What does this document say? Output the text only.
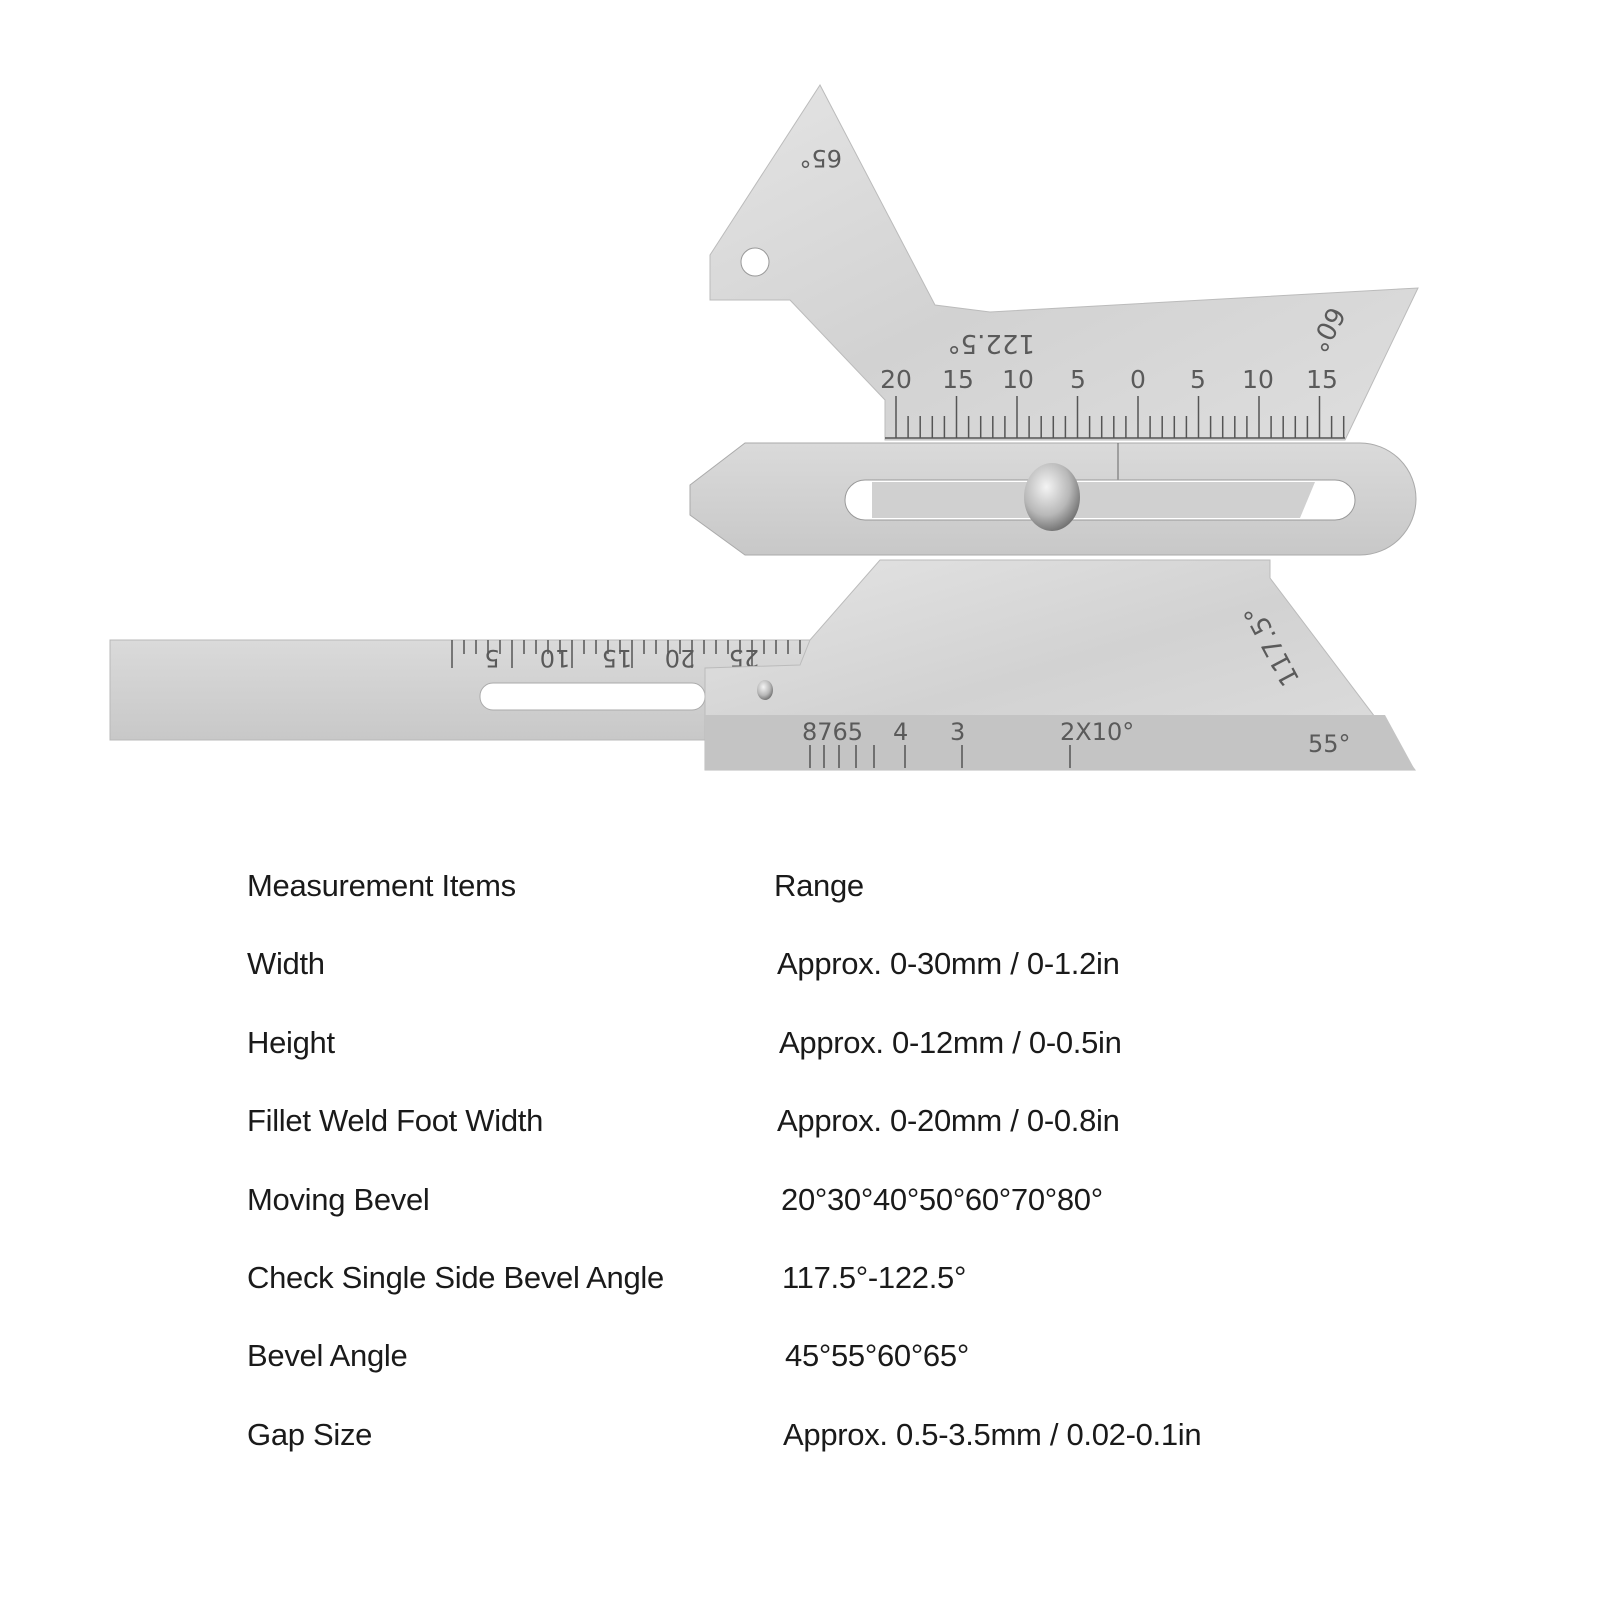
5 10 15 20 25
20 15 10 5 0 5 10 15
8765 4 3	2X10°	55°
117.5°
65°
122.5°	60°
Measurement Items	Range
Width	Approx. 0-30mm / 0-1.2in
Height	Approx. 0-12mm / 0-0.5in
Fillet Weld Foot Width	Approx. 0-20mm / 0-0.8in
Moving Bevel	20°30°40°50°60°70°80°
Check Single Side Bevel Angle	117.5°-122.5°
Bevel Angle	45°55°60°65°
Gap Size	Approx. 0.5-3.5mm / 0.02-0.1in
